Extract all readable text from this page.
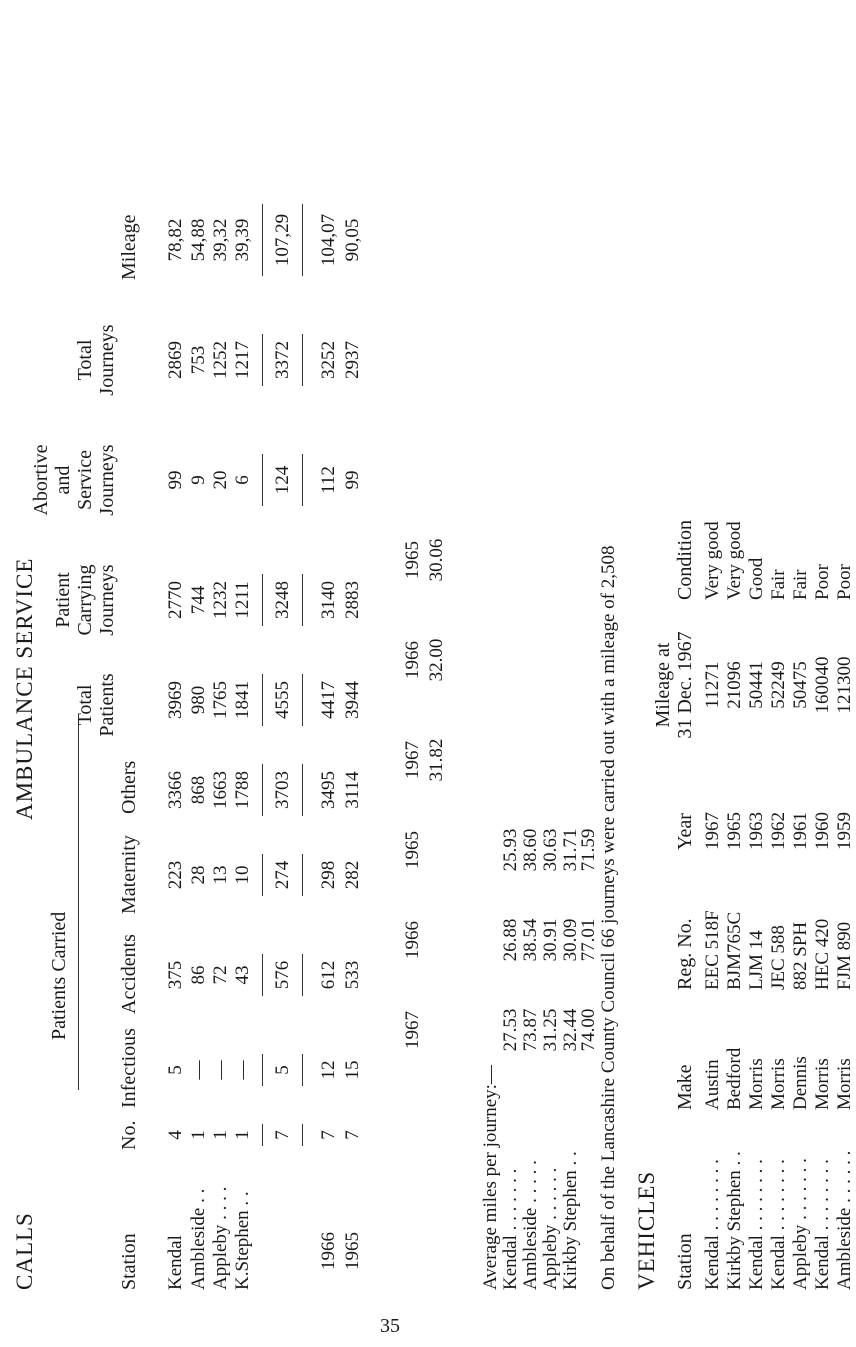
CALLS
AMBULANCE SERVICE
Station
No.
Patients Carried
Infectious
Accidents
Maternity
Others
Total Patients
Patient Carrying Journeys
Abortive and Service Journeys
Total Journeys
Mileage
Kendal
4
5
375
223
3366
3969
2770
99
2869
78,82
Ambleside . .
1
—
86
28
868
980
744
9
753
54,88
Appleby . . . .
1
—
72
13
1663
1765
1232
20
1252
39,32
K.Stephen . .
1
—
43
10
1788
1841
1211
6
1217
39,39
7
5
576
274
3703
4555
3248
124
3372
107,29
1966
7
12
612
298
3495
4417
3140
112
3252
104,07
1965
7
15
533
282
3114
3944
2883
99
2937
90,05
Average miles per journey:—
1967
1966
1965
Kendal . . . . . . .
27.53
26.88
25.93
Ambleside . . . . .
73.87
38.54
38.60
Appleby . . . . . .
31.25
30.91
30.63
Kirkby Stephen . .
32.44
30.09
31.71
1967
1966
1965
31.82
32.00
30.06
74.00
77.01
71.59 On behalf of the Lancashire County Council 66 journeys were carried out with a mileage of 2,508 VEHICLES Station
Make
Reg. No.
Year
Mileage at 31 Dec. 1967
Condition
Kendal . . . . . . . .
Austin
EEC 518F
1967
11271
Very good
Kirkby Stephen . .
Bedford
BJM765C
1965
21096
Very good
Kendal . . . . . . . .
Morris
LJM 14
1963
50441
Good
Kendal . . . . . . . .
Morris
JEC 588
1962
52249
Fair
Appleby . . . . . . .
Dennis
882 SPH
1961
50475
Fair
Kendal . . . . . . . .
Morris
HEC 420
1960
160040
Poor
Ambleside . . . . . .
Morris
FJM 890
1959
121300
Poor
35
